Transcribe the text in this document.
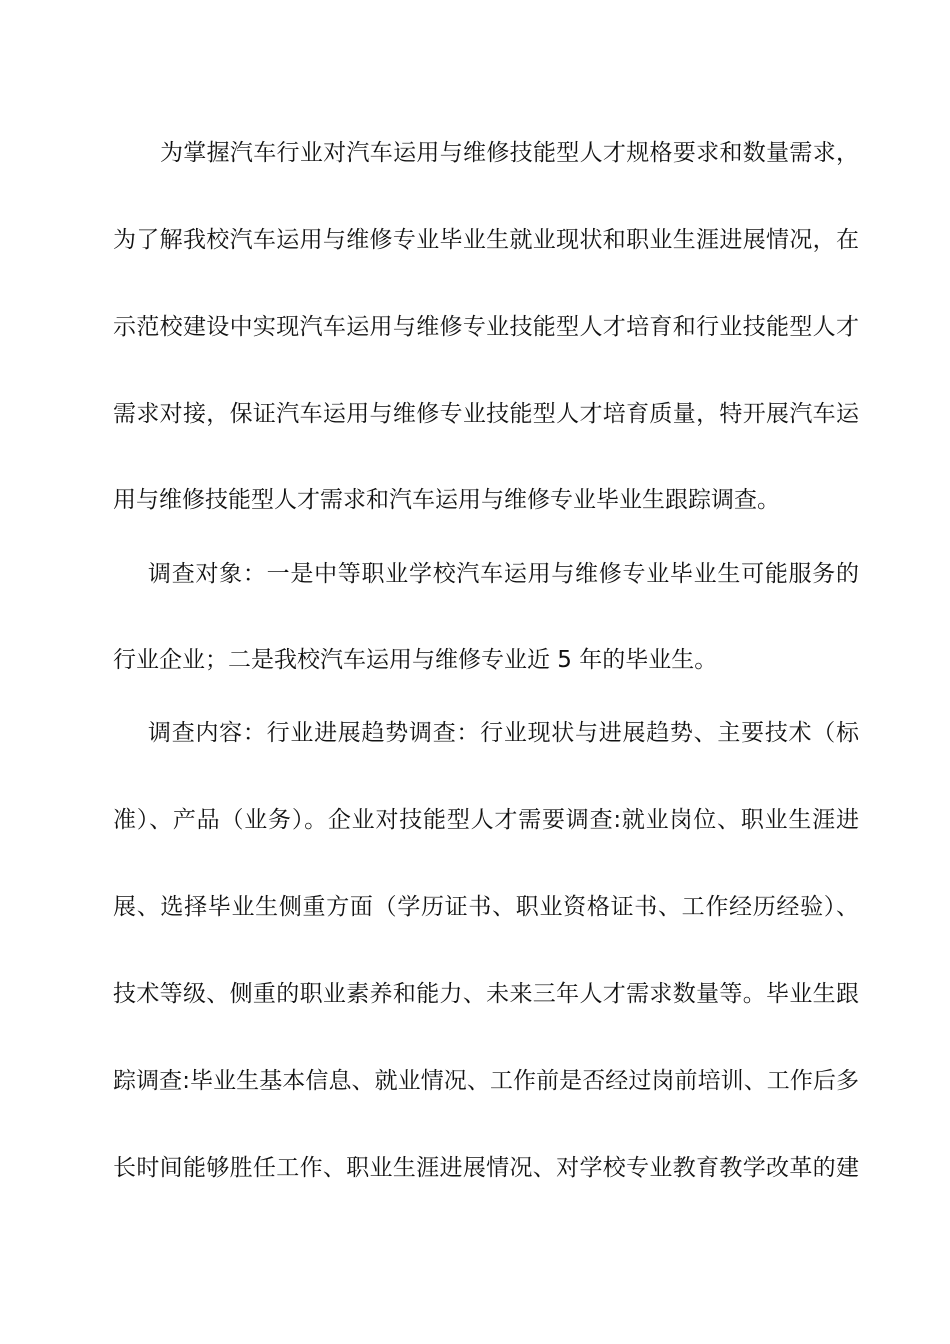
为掌握汽车行业对汽车运用与维修技能型人才规格要求和数量需求，
为了解我校汽车运用与维修专业毕业生就业现状和职业生涯进展情况，在
示范校建设中实现汽车运用与维修专业技能型人才培育和行业技能型人才
需求对接，保证汽车运用与维修专业技能型人才培育质量，特开展汽车运
用与维修技能型人才需求和汽车运用与维修专业毕业生跟踪调查。
调查对象：一是中等职业学校汽车运用与维修专业毕业生可能服务的
行业企业；二是我校汽车运用与维修专业近 5 年的毕业生。
调查内容：行业进展趋势调查：行业现状与进展趋势、主要技术（标
准）、产品（业务）。企业对技能型人才需要调查:就业岗位、职业生涯进
展、选择毕业生侧重方面（学历证书、职业资格证书、工作经历经验）、
技术等级、侧重的职业素养和能力、未来三年人才需求数量等。毕业生跟
踪调查:毕业生基本信息、就业情况、工作前是否经过岗前培训、工作后多
长时间能够胜任工作、职业生涯进展情况、对学校专业教育教学改革的建
